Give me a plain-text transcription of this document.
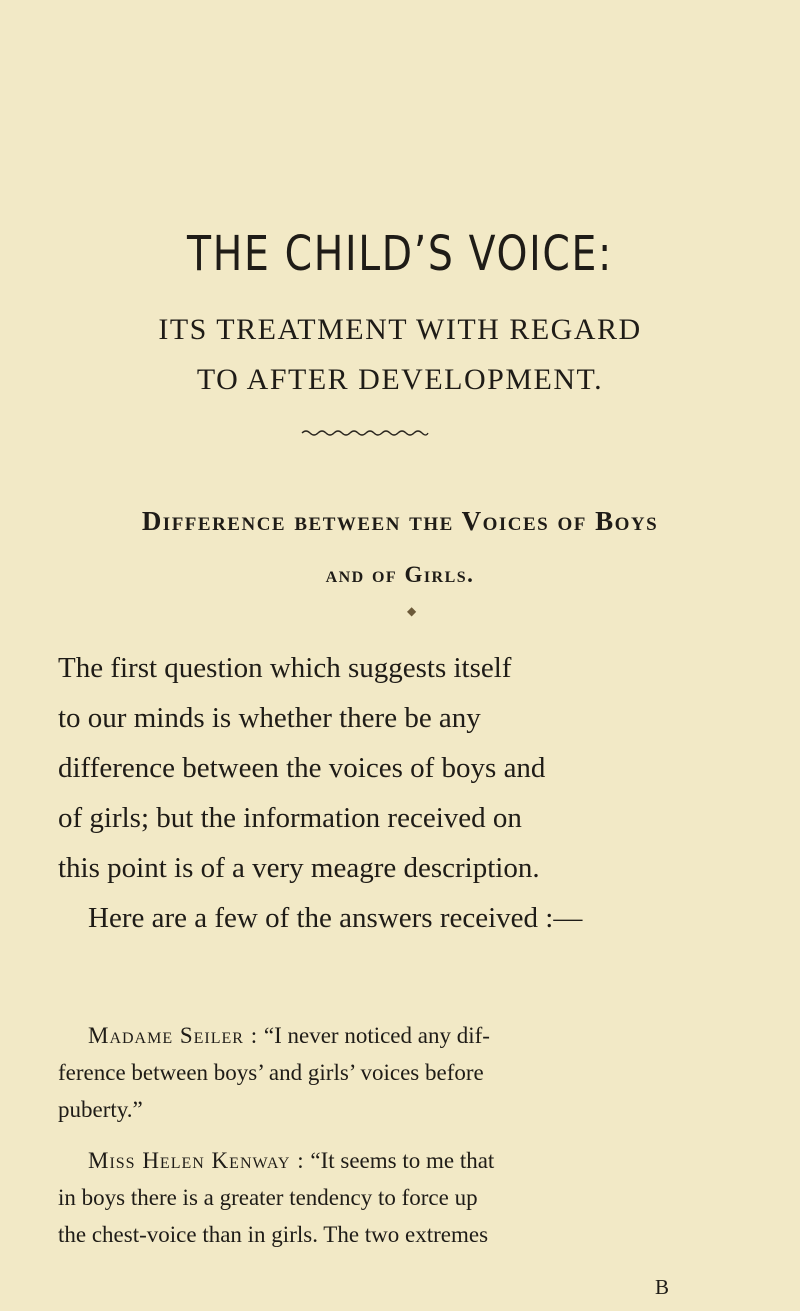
THE CHILD’S VOICE:

ITS TREATMENT WITH REGARD

TO AFTER DEVELOPMENT.

Difference between the Voices of Boys
and of Girls.
◆
The first question which suggests itself
to our minds is whether there be any
difference between the voices of boys and
of girls; but the information received on
this point is of a very meagre description.
Here are a few of the answers received :—
Madame Seiler : “I never noticed any dif-
ference between boys’ and girls’ voices before
puberty.”
Miss Helen Kenway : “It seems to me that
in boys there is a greater tendency to force up
the chest-voice than in girls. The two extremes

B
